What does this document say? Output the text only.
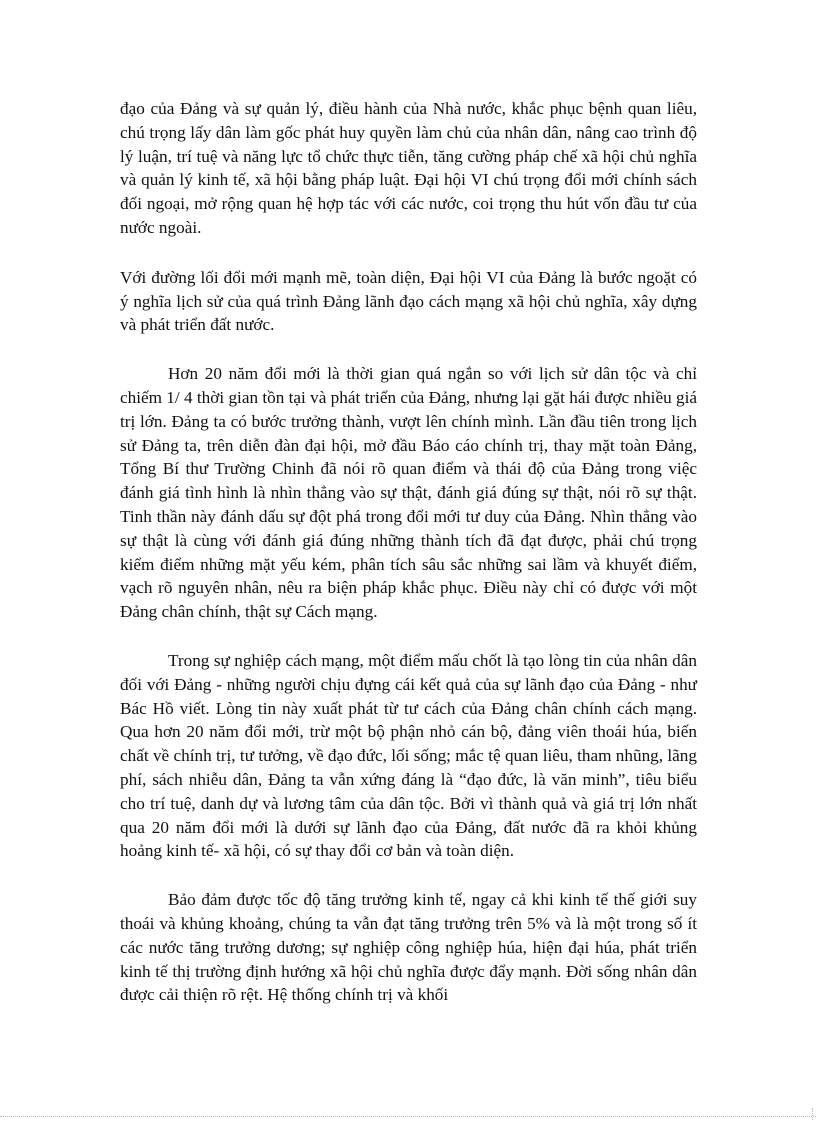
đạo của Đảng và sự quản lý, điều hành của Nhà nước, khắc phục bệnh quan liêu, chú trọng lấy dân làm gốc phát huy quyền làm chủ của nhân dân, nâng cao trình độ lý luận, trí tuệ và năng lực tổ chức thực tiễn, tăng cường pháp chế xã hội chủ nghĩa và quản lý kinh tế, xã hội bằng pháp luật. Đại hội VI chú trọng đổi mới chính sách đối ngoại, mở rộng quan hệ hợp tác với các nước, coi trọng thu hút vốn đầu tư của nước ngoài.

Với đường lối đổi mới mạnh mẽ, toàn diện, Đại hội VI của Đảng là bước ngoặt có ý nghĩa lịch sử của quá trình Đảng lãnh đạo cách mạng xã hội chủ nghĩa, xây dựng và phát triển đất nước.

Hơn 20 năm đổi mới là thời gian quá ngắn so với lịch sử dân tộc và chỉ chiếm 1/ 4 thời gian tồn tại và phát triển của Đảng, nhưng lại gặt hái được nhiều giá trị lớn. Đảng ta có bước trưởng thành, vượt lên chính mình. Lần đầu tiên trong lịch sử Đảng ta, trên diễn đàn đại hội, mở đầu Báo cáo chính trị, thay mặt toàn Đảng, Tổng Bí thư Trường Chinh đã nói rõ quan điểm và thái độ của Đảng trong việc đánh giá tình hình là nhìn thẳng vào sự thật, đánh giá đúng sự thật, nói rõ sự thật. Tinh thần này đánh dấu sự đột phá trong đổi mới tư duy của Đảng. Nhìn thẳng vào sự thật là cùng với đánh giá đúng những thành tích đã đạt được, phải chú trọng kiểm điểm những mặt yếu kém, phân tích sâu sắc những sai lầm và khuyết điểm, vạch rõ nguyên nhân, nêu ra biện pháp khắc phục. Điều này chỉ có được với một Đảng chân chính, thật sự Cách mạng.

Trong sự nghiệp cách mạng, một điểm mấu chốt là tạo lòng tin của nhân dân đối với Đảng - những người chịu đựng cái kết quả của sự lãnh đạo của Đảng - như Bác Hồ viết. Lòng tin này xuất phát từ tư cách của Đảng chân chính cách mạng. Qua hơn 20 năm đổi mới, trừ một bộ phận nhỏ cán bộ, đảng viên thoái húa, biến chất về chính trị, tư tưởng, về đạo đức, lối sống; mắc tệ quan liêu, tham nhũng, lãng phí, sách nhiễu dân, Đảng ta vẫn xứng đáng là “đạo đức, là văn minh”, tiêu biểu cho trí tuệ, danh dự và lương tâm của dân tộc. Bởi vì thành quả và giá trị lớn nhất qua 20 năm đổi mới là dưới sự lãnh đạo của Đảng, đất nước đã ra khỏi khủng hoảng kinh tế- xã hội, có sự thay đổi cơ bản và toàn diện.

Bảo đảm được tốc độ tăng trưởng kinh tế, ngay cả khi kinh tế thế giới suy thoái và khủng khoảng, chúng ta vẫn đạt tăng trưởng trên 5% và là một trong số ít các nước tăng trưởng dương; sự nghiệp công nghiệp húa, hiện đại húa, phát triển kinh tế thị trường định hướng xã hội chủ nghĩa được đẩy mạnh. Đời sống nhân dân được cải thiện rõ rệt. Hệ thống chính trị và khối
